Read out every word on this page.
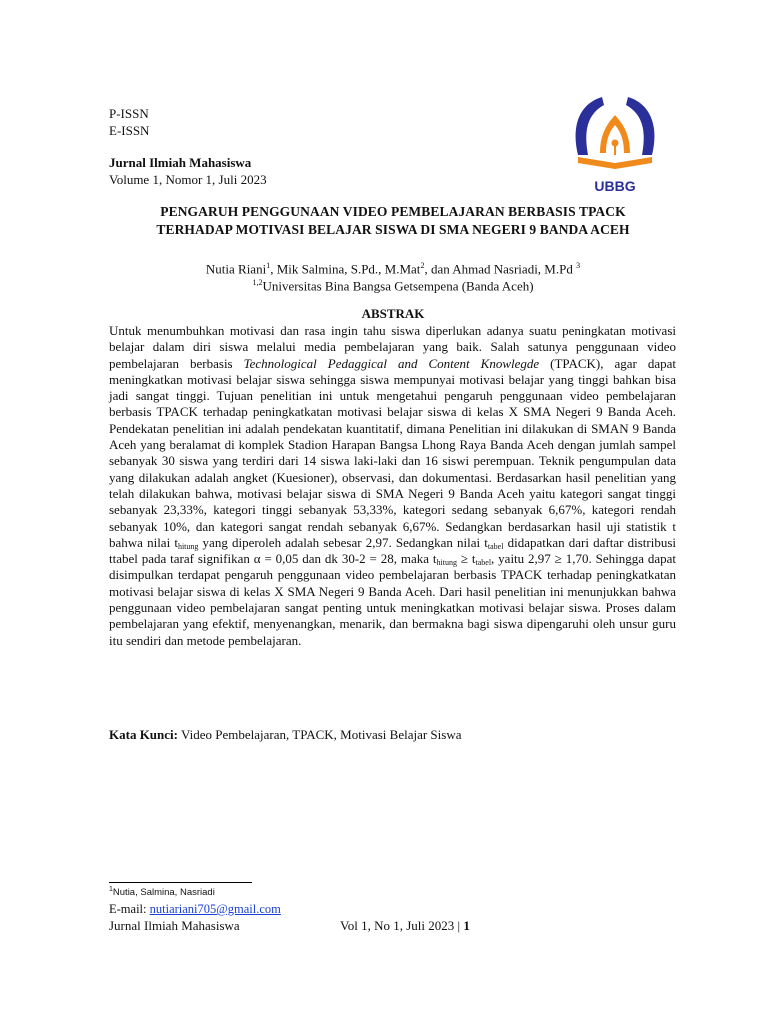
P-ISSN
E-ISSN
Jurnal Ilmiah Mahasiswa
Volume 1, Nomor 1, Juli 2023	UBBG
PENGARUH PENGGUNAAN VIDEO PEMBELAJARAN BERBASIS TPACK
TERHADAP MOTIVASI BELAJAR SISWA DI SMA NEGERI 9 BANDA ACEH
Nutia Riani$^1$, Mik Salmina, S.Pd., M.Mat$^2$, dan Ahmad Nasriadi, M.Pd $^3$
$^{1,2}$Universitas Bina Bangsa Getsempena (Banda Aceh)
ABSTRAK
Untuk menumbuhkan motivasi dan rasa ingin tahu siswa diperlukan adanya suatu peningkatan motivasi belajar dalam diri siswa melalui media pembelajaran yang baik. Salah satunya penggunaan video pembelajaran berbasis Technological Pedaggical and Content Knowlegde (TPACK), agar dapat meningkatkan motivasi belajar siswa sehingga siswa mempunyai motivasi belajar yang tinggi bahkan bisa jadi sangat tinggi. Tujuan penelitian ini untuk mengetahui pengaruh penggunaan video pembelajaran berbasis TPACK terhadap peningkatkatan motivasi belajar siswa di kelas X SMA Negeri 9 Banda Aceh. Pendekatan penelitian ini adalah pendekatan kuantitatif, dimana Penelitian ini dilakukan di SMAN 9 Banda Aceh yang beralamat di komplek Stadion Harapan Bangsa Lhong Raya Banda Aceh dengan jumlah sampel sebanyak 30 siswa yang terdiri dari 14 siswa laki-laki dan 16 siswi perempuan. Teknik pengumpulan data yang dilakukan adalah angket (Kuesioner), observasi, dan dokumentasi. Berdasarkan hasil penelitian yang telah dilakukan bahwa, motivasi belajar siswa di SMA Negeri 9 Banda Aceh yaitu kategori sangat tinggi sebanyak 23,33%, kategori tinggi sebanyak 53,33%, kategori sedang sebanyak 6,67%, kategori rendah sebanyak 10%, dan kategori sangat rendah sebanyak 6,67%. Sedangkan berdasarkan hasil uji statistik t bahwa nilai $t_{hitung}$ yang diperoleh adalah sebesar 2,97. Sedangkan nilai $t_{tabel}$ didapatkan dari daftar distribusi ttabel pada taraf signifikan α = 0,05 dan dk 30-2 = 28, maka $t_{hitung} \ge t_{tabel}$, yaitu 2,97 ≥ 1,70. Sehingga dapat disimpulkan terdapat pengaruh penggunaan video pembelajaran berbasis TPACK terhadap peningkatkatan motivasi belajar siswa di kelas X SMA Negeri 9 Banda Aceh. Dari hasil penelitian ini menunjukkan bahwa penggunaan video pembelajaran sangat penting untuk meningkatkan motivasi belajar siswa. Proses dalam pembelajaran yang efektif, menyenangkan, menarik, dan bermakna bagi siswa dipengaruhi oleh unsur guru itu sendiri dan metode pembelajaran.
Kata Kunci: Video Pembelajaran, TPACK, Motivasi Belajar Siswa
$^1$Nutia, Salmina, Nasriadi
E-mail: nutiariani705@gmail.com
Jurnal Ilmiah Mahasiswa	Vol 1, No 1, Juli 2023 | 1
